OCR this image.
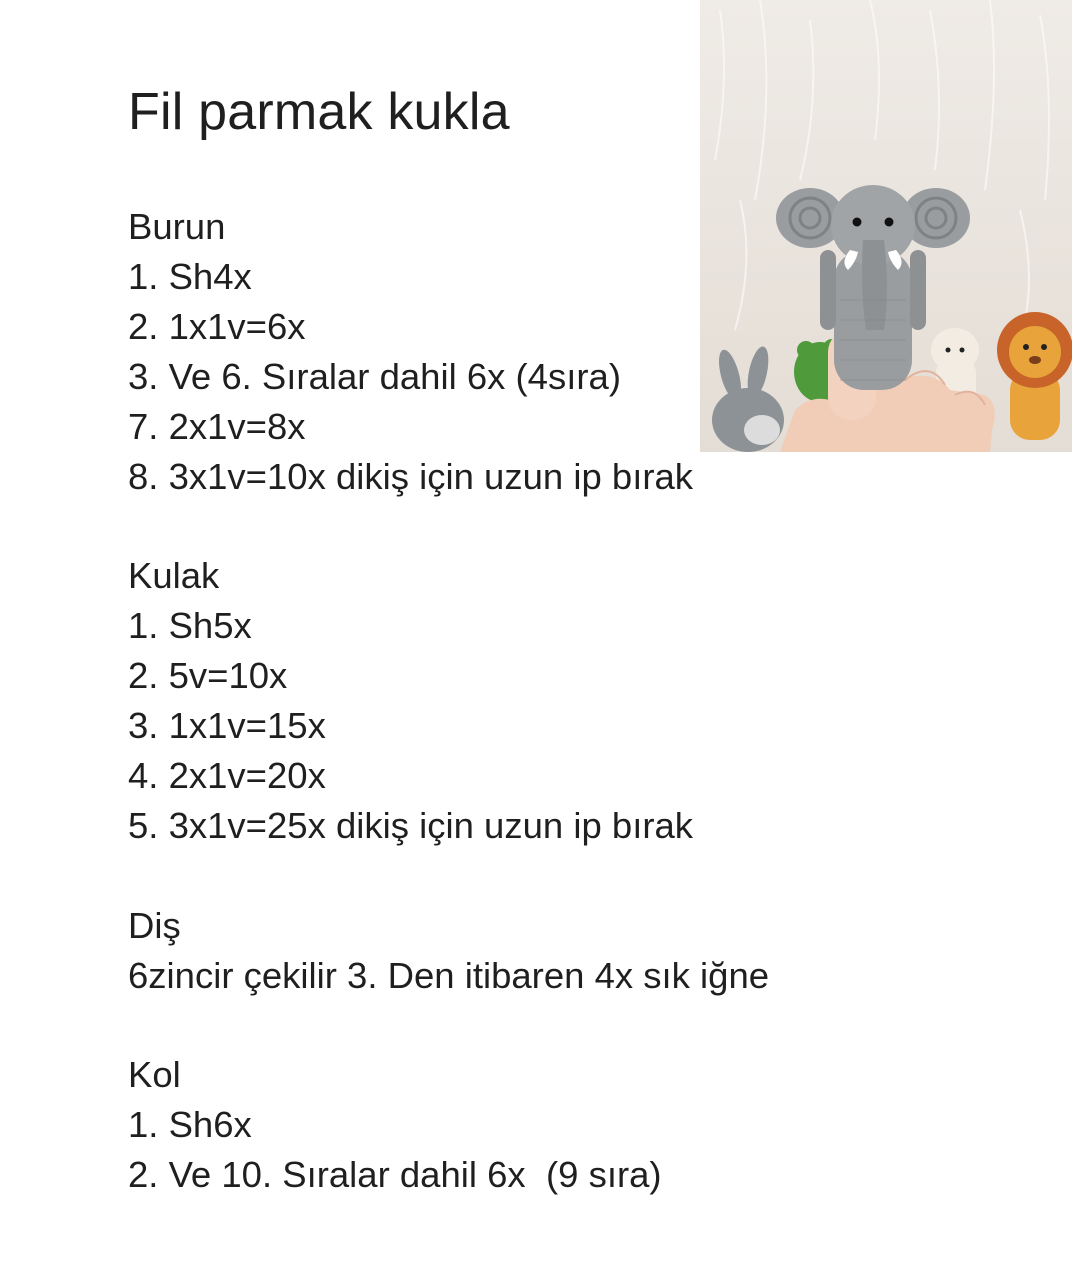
Fil parmak kukla
Burun
1. Sh4x
2. 1x1v=6x
3. Ve 6. Sıralar dahil 6x (4sıra)
7. 2x1v=8x
8. 3x1v=10x dikiş için uzun ip bırak
Kulak
1. Sh5x
2. 5v=10x
3. 1x1v=15x
4. 2x1v=20x
5. 3x1v=25x dikiş için uzun ip bırak
Diş
6zincir çekilir 3. Den itibaren 4x sık iğne
Kol
1. Sh6x
2. Ve 10. Sıralar dahil 6x  (9 sıra)
